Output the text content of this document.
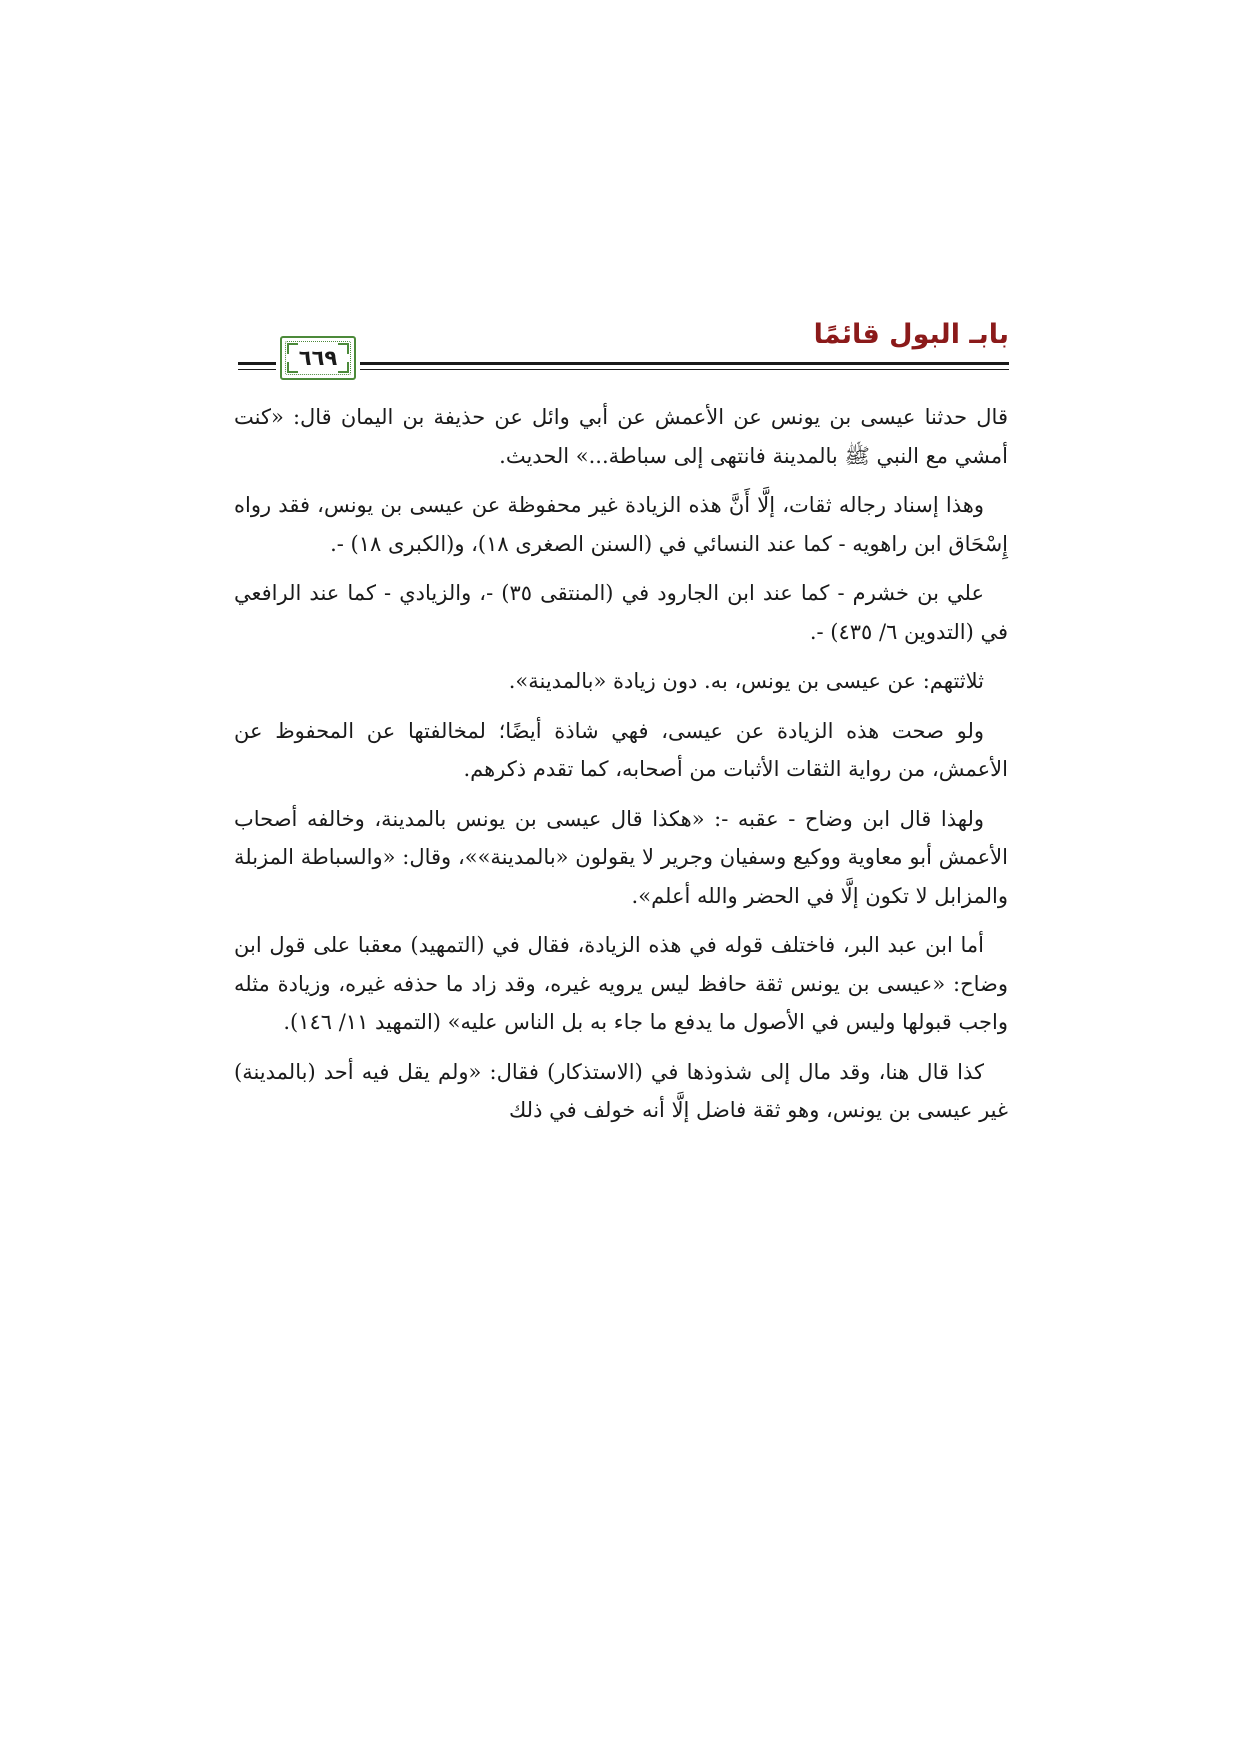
بابـ البول قائمًا
٦٦٩

قال حدثنا عيسى بن يونس عن الأعمش عن أبي وائل عن حذيفة بن اليمان قال: «كنت أمشي مع النبي ﷺ بالمدينة فانتهى إلى سباطة...» الحديث.

وهذا إسناد رجاله ثقات، إلَّا أَنَّ هذه الزيادة غير محفوظة عن عيسى بن يونس، فقد رواه إِسْحَاق ابن راهويه - كما عند النسائي في (السنن الصغرى ١٨)، و(الكبرى ١٨) -.

علي بن خشرم - كما عند ابن الجارود في (المنتقى ٣٥) -، والزيادي - كما عند الرافعي في (التدوين ٦/ ٤٣٥) -.

ثلاثتهم: عن عيسى بن يونس، به. دون زيادة «بالمدينة».

ولو صحت هذه الزيادة عن عيسى، فهي شاذة أيضًا؛ لمخالفتها عن المحفوظ عن الأعمش، من رواية الثقات الأثبات من أصحابه، كما تقدم ذكرهم.

ولهذا قال ابن وضاح - عقبه -: «هكذا قال عيسى بن يونس بالمدينة، وخالفه أصحاب الأعمش أبو معاوية ووكيع وسفيان وجرير لا يقولون «بالمدينة»»، وقال: «والسباطة المزبلة والمزابل لا تكون إلَّا في الحضر والله أعلم».

أما ابن عبد البر، فاختلف قوله في هذه الزيادة، فقال في (التمهيد) معقبا على قول ابن وضاح: «عيسى بن يونس ثقة حافظ ليس يرويه غيره، وقد زاد ما حذفه غيره، وزيادة مثله واجب قبولها وليس في الأصول ما يدفع ما جاء به بل الناس عليه» (التمهيد ١١/ ١٤٦).

كذا قال هنا، وقد مال إلى شذوذها في (الاستذكار) فقال: «ولم يقل فيه أحد (بالمدينة) غير عيسى بن يونس، وهو ثقة فاضل إلَّا أنه خولف في ذلك
